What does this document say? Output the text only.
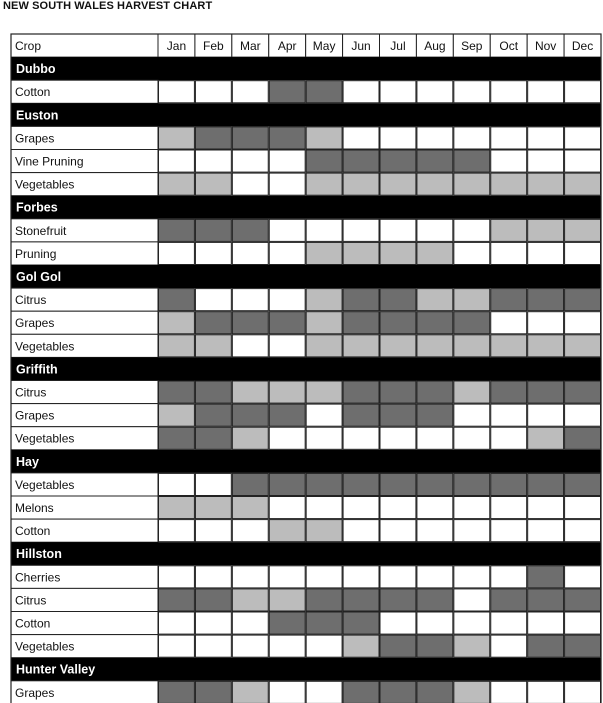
NEW SOUTH WALES HARVEST CHART
Crop	Jan Feb Mar Apr May Jun Jul Aug Sep Oct Nov Dec
Dubbo
Cotton
Euston
Grapes
Vine Pruning
Vegetables
Forbes
Stonefruit
Pruning
Gol Gol
Citrus
Grapes
Vegetables
Griffith
Citrus
Grapes
Vegetables
Hay
Vegetables
Melons
Cotton
Hillston
Cherries
Citrus
Cotton
Vegetables
Hunter Valley
Grapes
